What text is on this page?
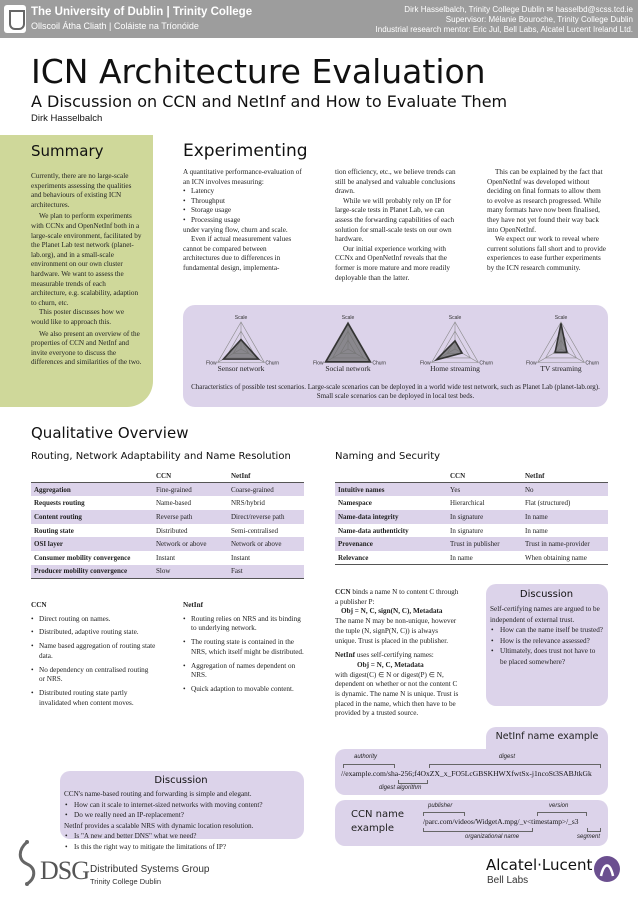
The University of Dublin | Trinity College
Ollscoil Átha Cliath | Coláiste na Tríonóide
Dirk Hasselbalch, Trinity College Dublin ✉ hasselbd@scss.tcd.ie
Supervisor: Mélanie Bouroche, Trinity College Dublin
Industrial research mentor: Eric Jul, Bell Labs, Alcatel Lucent Ireland Ltd.
ICN Architecture Evaluation
A Discussion on CCN and NetInf and How to Evaluate Them
Dirk Hasselbalch
Summary

Currently, there are no large-scale experiments assessing the qualities and behaviours of existing ICN architectures.

We plan to perform experiments with CCNx and OpenNetInf both in a large-scale environment, facilitated by the Planet Lab test network (planet-lab.org), and in a small-scale environment on our own cluster hardware. We want to assess the measurable trends of each architecture, e.g. scalability, adaption to churn, etc.

This poster discusses how we would like to approach this.

We also present an overview of the properties of CCN and NetInf and invite everyone to discuss the differences and similarities of the two.

Experimenting

A quantitative performance-evaluation of an ICN involves measuring:

• Latency
• Throughput
• Storage usage
• Processing usage

under varying flow, churn and scale.

Even if actual measurement values cannot be compared between architectures due to differences in fundamental design, implementa-

tion efficiency, etc., we believe trends can still be analysed and valuable conclusions drawn.

While we will probably rely on IP for large-scale tests in Planet Lab, we can assess the forwarding capabilities of each solution for small-scale tests on our own hardware.

Our initial experience working with CCNx and OpenNetInf reveals that the former is more mature and more readily deployable than the latter.

This can be explained by the fact that OpenNetInf was developed without deciding on final formats to allow them to evolve as research progressed. While many formats have now been finalised, they have not yet found their way back into OpenNetInf.

We expect our work to reveal where current solutions fall short and to provide experiences to ease further experiments by the ICN research community.

Scale
Flow	Churn
Sensor network
Scale
Flow	Churn
Social network
Scale
Flow	Churn
Home streaming
Scale
Flow	Churn
TV streaming
Characteristics of possible test scenarios. Large-scale scenarios can be deployed in a world wide test network, such as Planet Lab (planet-lab.org). Small scale scenarios can be deployed in local test beds.
Qualitative Overview
Routing, Network Adaptability and Name Resolution	Naming and Security
	CCN	NetInf
Aggregation	Fine-grained	Coarse-grained
Requests routing	Name-based	NRS/hybrid
Content routing	Reverse path	Direct/reverse path
Routing state	Distributed	Semi-centralised
OSI layer	Network or above	Network or above
Consumer mobility convergence	Instant	Instant
Producer mobility convergence	Slow	Fast
	CCN	NetInf
Intuitive names	Yes	No
Namespace	Hierarchical	Flat (structured)
Name-data integrity	In signature	In name
Name-data authenticity	In signature	In name
Provenance	Trust in publisher	Trust in name-provider
Relevance	In name	When obtaining name

CCN

• Direct routing on names.
• Distributed, adaptive routing state.
• Name based aggregation of routing state data.
• No dependency on centralised routing or NRS.
• Distributed routing state partly invalidated when content moves.

NetInf

• Routing relies on NRS and its binding to underlying network.
• The routing state is contained in the NRS, which itself might be distributed.
• Aggregation of names dependent on NRS.
• Quick adaption to movable content.

CCN binds a name N to content C through a publisher P:

Obj = N, C, sign(N, C), Metadata

The name N may be non-unique, however the tuple (N, signP(N, C)) is always unique. Trust is placed in the publisher.

NetInf uses self-certifying names:

Obj = N, C, Metadata

with digest(C) ∈ N or digest(P) ∈ N, dependent on whether or not the content C is dynamic. The name N is unique. Trust is placed in the name, which then have to be provided by a trusted source.

Discussion

Self-certifying names are argued to be independent of external trust.

• How can the name itself be trusted?
• How is the relevance assessed?
• Ultimately, does trust not have to be placed somewhere?
Discussion

CCN's name-based routing and forwarding is simple and elegant.

• How can it scale to internet-sized networks with moving content?
• Do we really need an IP-replacement?

NetInf provides a scalable NRS with dynamic location resolution.

• Is "A new and better DNS" what we need?
• Is this the right way to mitigate the limitations of IP?
NetInf name example
authority	digest
//example.com/sha-256;f4OxZX_x_FO5LcGBSKHWXfwtSx-j1ncoSt3SABJtkGk
digest algorithm
CCN name
example
publisher	version
/parc.com/videos/WidgetA.mpg/_v<timestamp>/_s3
organizational name	segment
DSG Distributed Systems Group
Trinity College Dublin
Alcatel·Lucent
Bell Labs
